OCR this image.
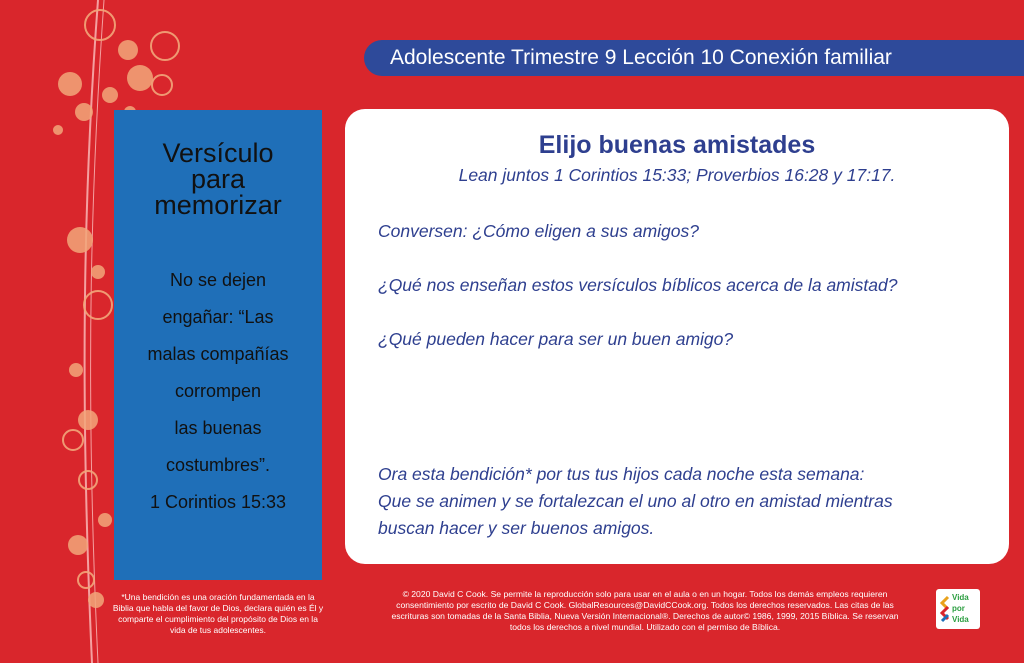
Adolescente Trimestre 9 Lección 10 Conexión familiar
Versículo
para
memorizar
No se dejen
engañar: “Las
malas compañías
corrompen
las buenas
costumbres”.
1 Corintios 15:33
Elijo buenas amistades
Lean juntos 1 Corintios 15:33; Proverbios 16:28 y 17:17.
Conversen: ¿Cómo eligen a sus amigos?
¿Qué nos enseñan estos versículos bíblicos acerca de la amistad?
¿Qué pueden hacer para ser un buen amigo?
Ora esta bendición* por tus tus hijos cada noche esta semana:
Que se animen y se fortalezcan el uno al otro en amistad mientras
buscan hacer y ser buenos amigos.
*Una bendición es una oración fundamentada en la Biblia que habla del favor de Dios, declara quién es Él y comparte el cumplimiento del propósito de Dios en la vida de tus adolescentes.
© 2020 David C Cook. Se permite la reproducción solo para usar en el aula o en un hogar. Todos los demás empleos requieren consentimiento por escrito de David C Cook. GlobalResources@DavidCCook.org. Todos los derechos reservados. Las citas de las escrituras son tomadas de la Santa Biblia, Nueva Versión Internacional®. Derechos de autor© 1986, 1999, 2015 Bíblica. Se reservan todos los derechos a nivel mundial. Utilizado con el permiso de Bíblica.
Vida
por
Vida
